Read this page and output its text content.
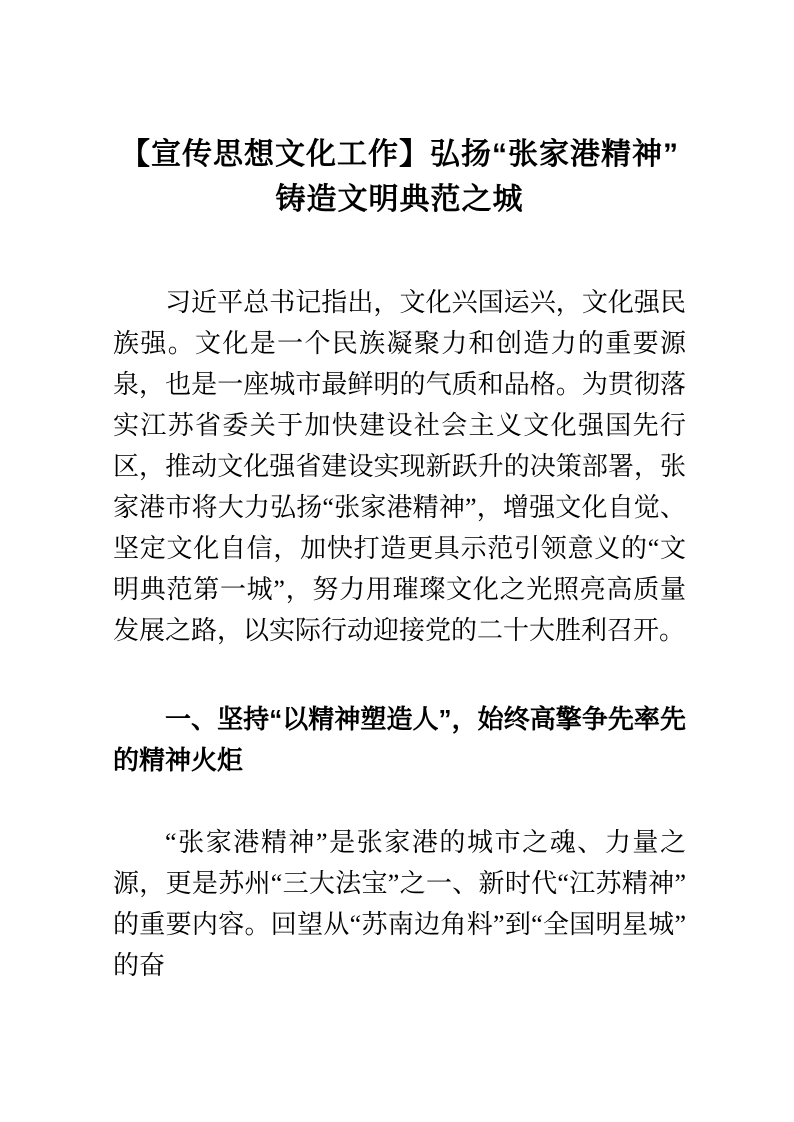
【宣传思想文化工作】弘扬“张家港精神”
铸造文明典范之城

习近平总书记指出，文化兴国运兴，文化强民族强。文化是一个民族凝聚力和创造力的重要源泉，也是一座城市最鲜明的气质和品格。为贯彻落实江苏省委关于加快建设社会主义文化强国先行区，推动文化强省建设实现新跃升的决策部署，张家港市将大力弘扬“张家港精神”，增强文化自觉、坚定文化自信，加快打造更具示范引领意义的“文明典范第一城”，努力用璀璨文化之光照亮高质量发展之路，以实际行动迎接党的二十大胜利召开。

一、坚持“以精神塑造人”，始终高擎争先率先的精神火炬

“张家港精神”是张家港的城市之魂、力量之源，更是苏州“三大法宝”之一、新时代“江苏精神”的重要内容。回望从“苏南边角料”到“全国明星城”的奋
